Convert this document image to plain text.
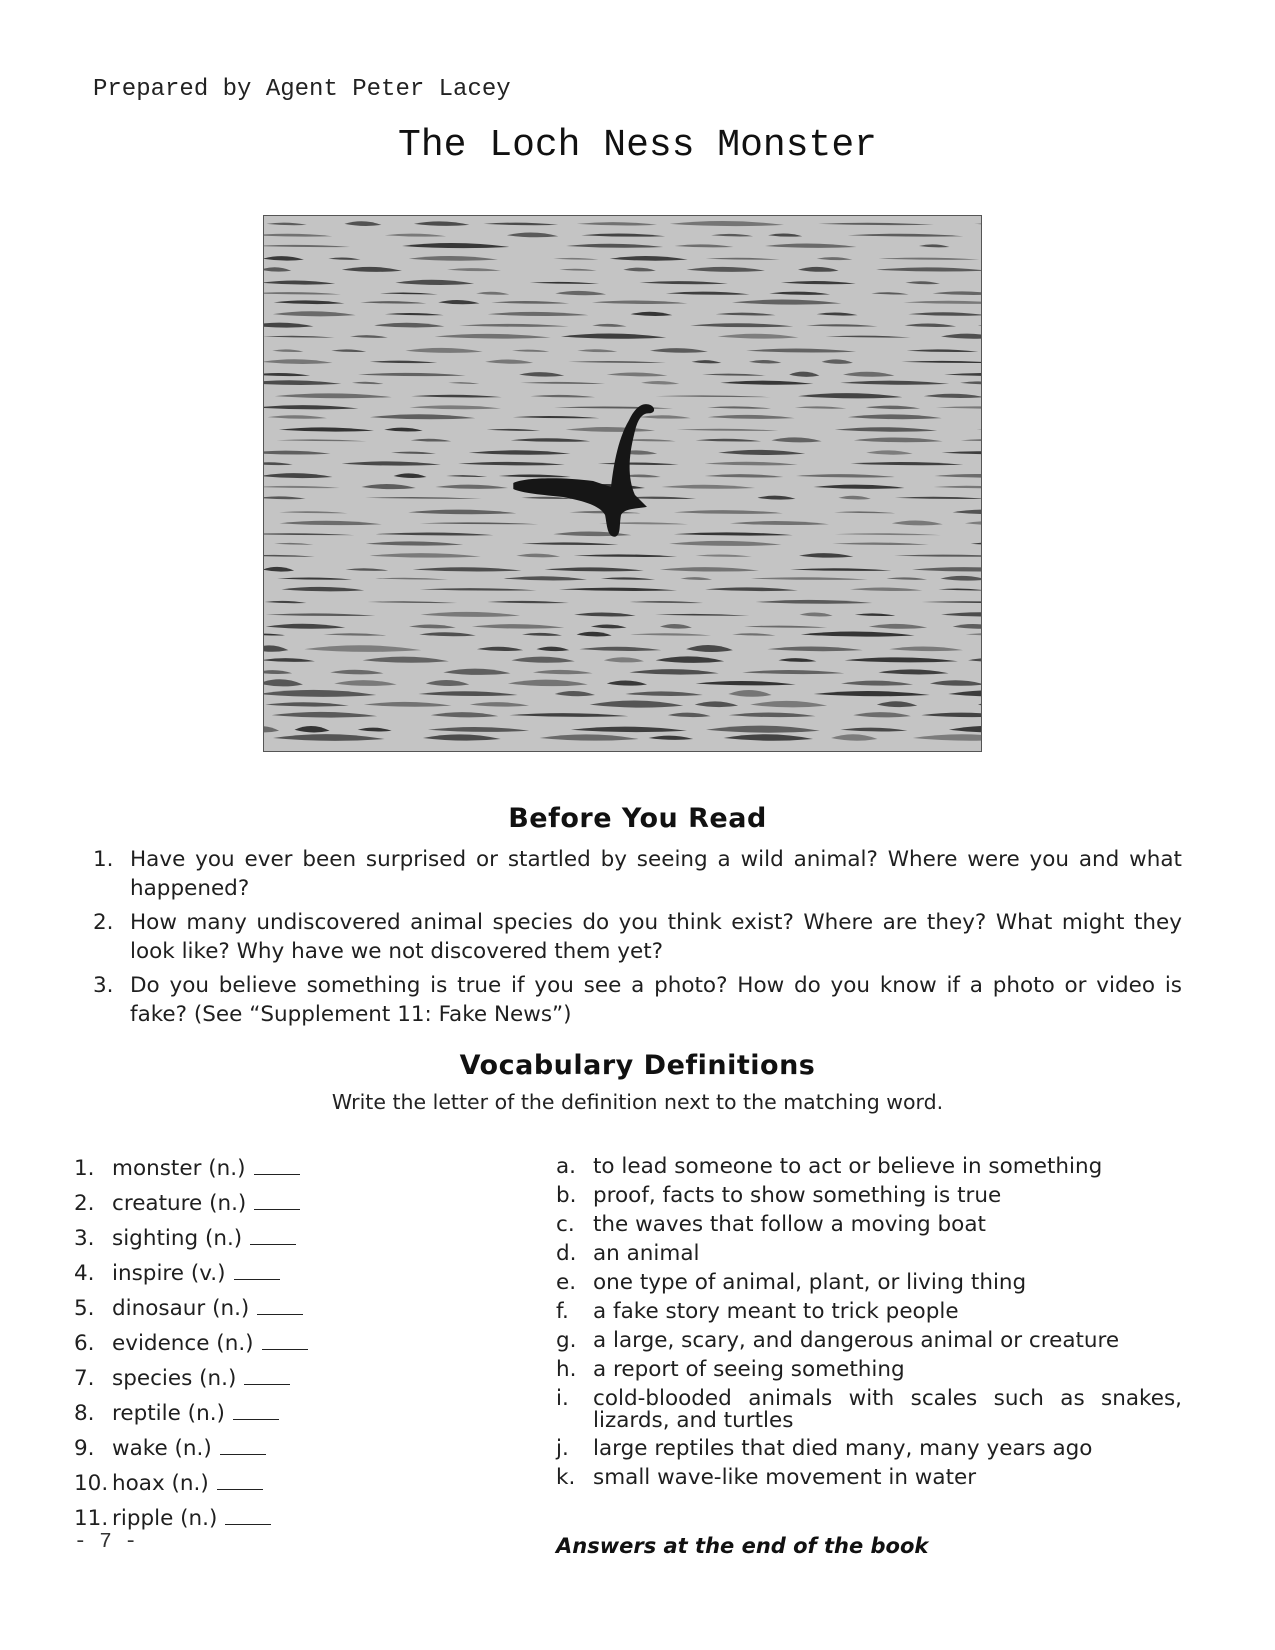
Prepared by Agent Peter Lacey
The Loch Ness Monster
Before You Read
1. Have you ever been surprised or startled by seeing a wild animal? Where were you and what happened?
2. How many undiscovered animal species do you think exist? Where are they? What might they look like? Why have we not discovered them yet?
3. Do you believe something is true if you see a photo? How do you know if a photo or video is fake? (See “Supplement 11: Fake News”)
Vocabulary Definitions
Write the letter of the definition next to the matching word.
1. monster (n.)
2. creature (n.)
3. sighting (n.)
4. inspire (v.)
5. dinosaur (n.)
6. evidence (n.)
7. species (n.)
8. reptile (n.)
9. wake (n.)
10. hoax (n.)
11. ripple (n.)
a. to lead someone to act or believe in something
b. proof, facts to show something is true
c. the waves that follow a moving boat
d. an animal
e. one type of animal, plant, or living thing
f. a fake story meant to trick people
g. a large, scary, and dangerous animal or creature
h. a report of seeing something
i. cold-blooded animals with scales such as snakes, lizards, and turtles
j. large reptiles that died many, many years ago
k. small wave-like movement in water
- 7 -	Answers at the end of the book
